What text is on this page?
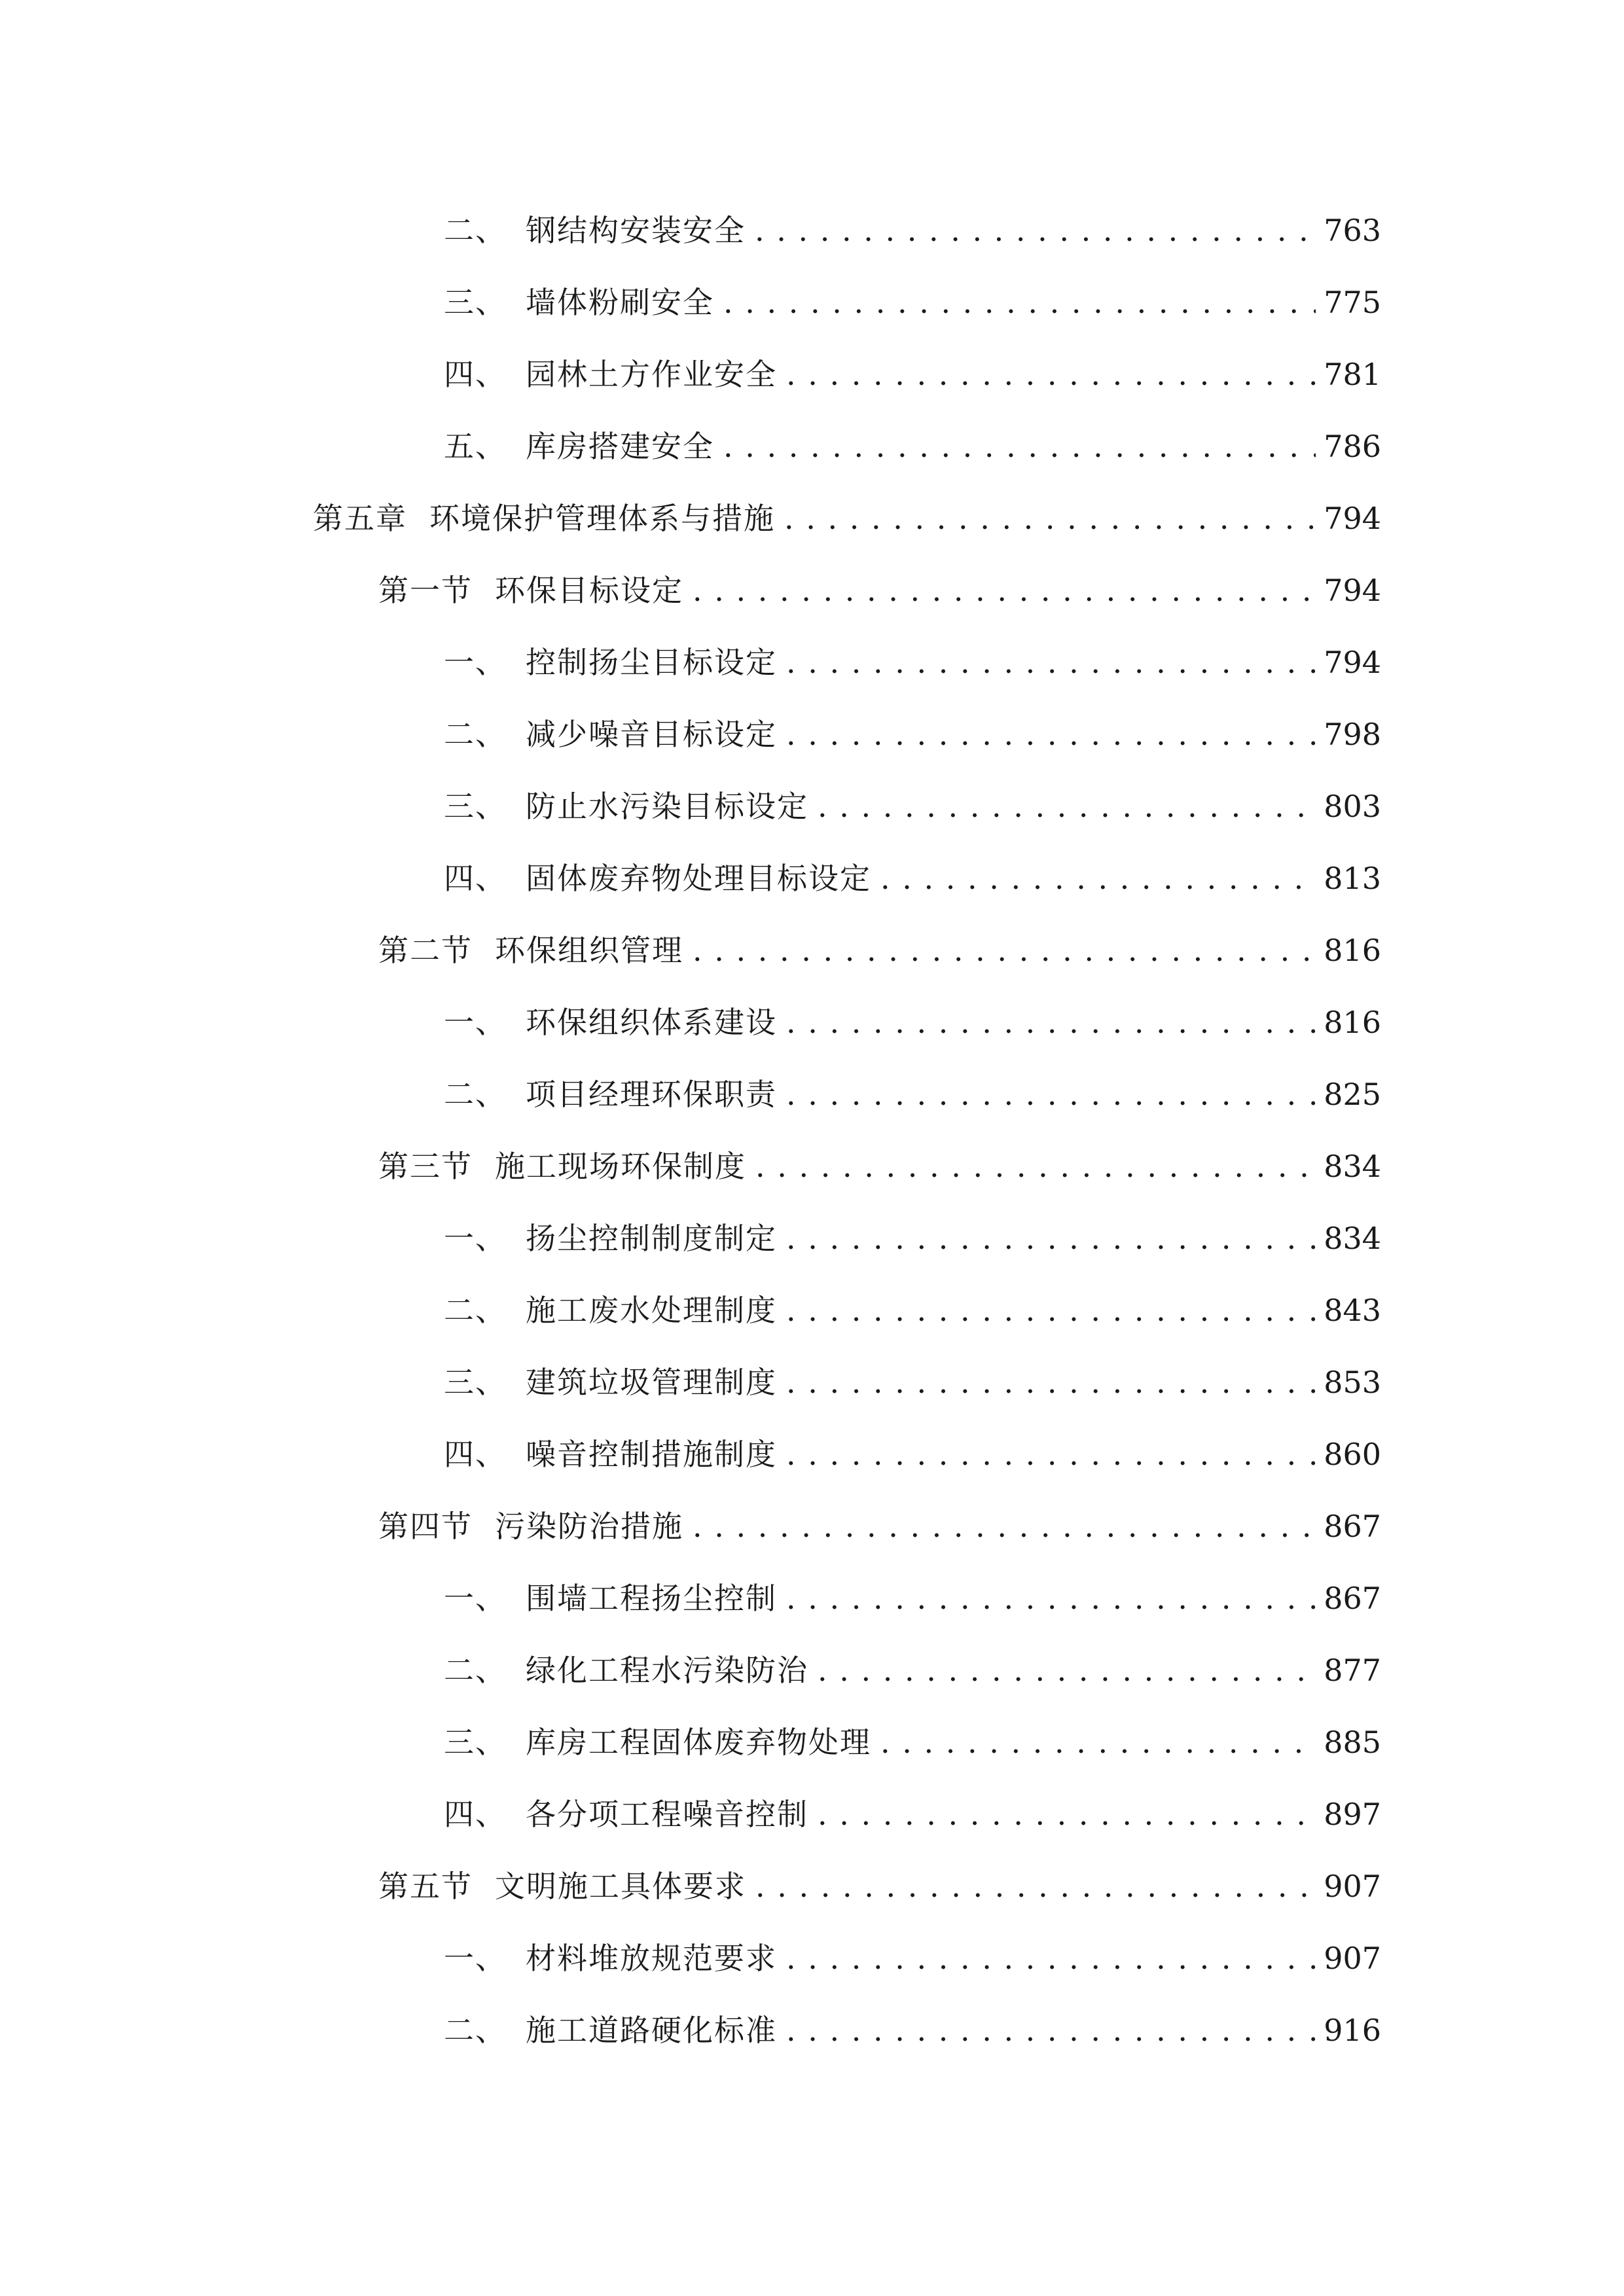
二、 钢结构安装安全 . . .	763
三、 墙体粉刷安全 . . .	775
四、 园林土方作业安全 . . .	781
五、 库房搭建安全 . . .	786
第五章 环境保护管理体系与措施 . . .	794
第一节 环保目标设定 . . .	794
一、 控制扬尘目标设定 . . .	794
二、 减少噪音目标设定 . . .	798
三、 防止水污染目标设定 . . .	803
四、 固体废弃物处理目标设定 . . .	813
第二节 环保组织管理 . . .	816
一、 环保组织体系建设 . . .	816
二、 项目经理环保职责 . . .	825
第三节 施工现场环保制度 . . .	834
一、 扬尘控制制度制定 . . .	834
二、 施工废水处理制度 . . .	843
三、 建筑垃圾管理制度 . . .	853
四、 噪音控制措施制度 . . .	860
第四节 污染防治措施 . . .	867
一、 围墙工程扬尘控制 . . .	867
二、 绿化工程水污染防治 . . .	877
三、 库房工程固体废弃物处理 . . .	885
四、 各分项工程噪音控制 . . .	897
第五节 文明施工具体要求 . . .	907
一、 材料堆放规范要求 . . .	907
二、 施工道路硬化标准 . . .	916
